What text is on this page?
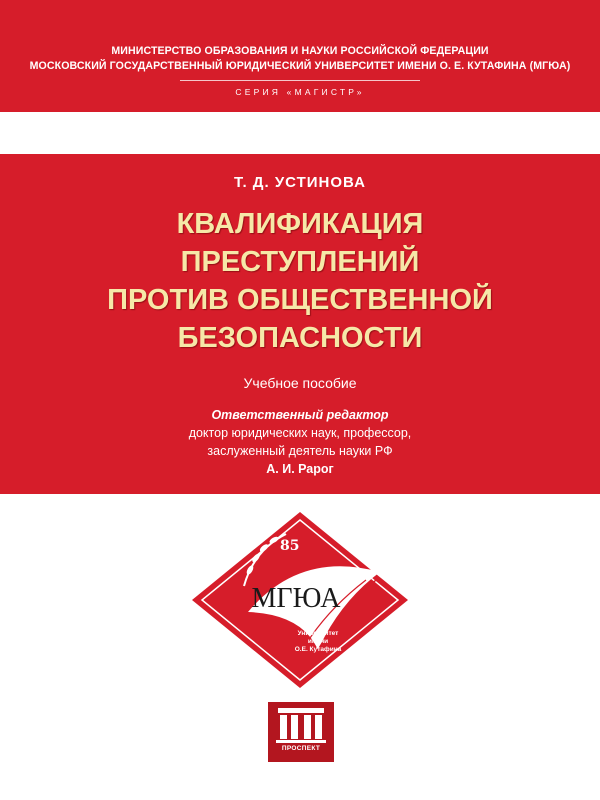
МИНИСТЕРСТВО ОБРАЗОВАНИЯ И НАУКИ РОССИЙСКОЙ ФЕДЕРАЦИИ
МОСКОВСКИЙ ГОСУДАРСТВЕННЫЙ ЮРИДИЧЕСКИЙ УНИВЕРСИТЕТ ИМЕНИ О. Е. КУТАФИНА (МГЮА)
СЕРИЯ «МАГИСТР»
Т. Д. УСТИНОВА
КВАЛИФИКАЦИЯ
ПРЕСТУПЛЕНИЙ
ПРОТИВ ОБЩЕСТВЕННОЙ
БЕЗОПАСНОСТИ
Учебное пособие
Ответственный редактор
доктор юридических наук, профессор,
заслуженный деятель науки РФ
А. И. Рарог
85
МГЮА
Университет
имени
О.Е. Кутафина
ПРОСПЕКТ
